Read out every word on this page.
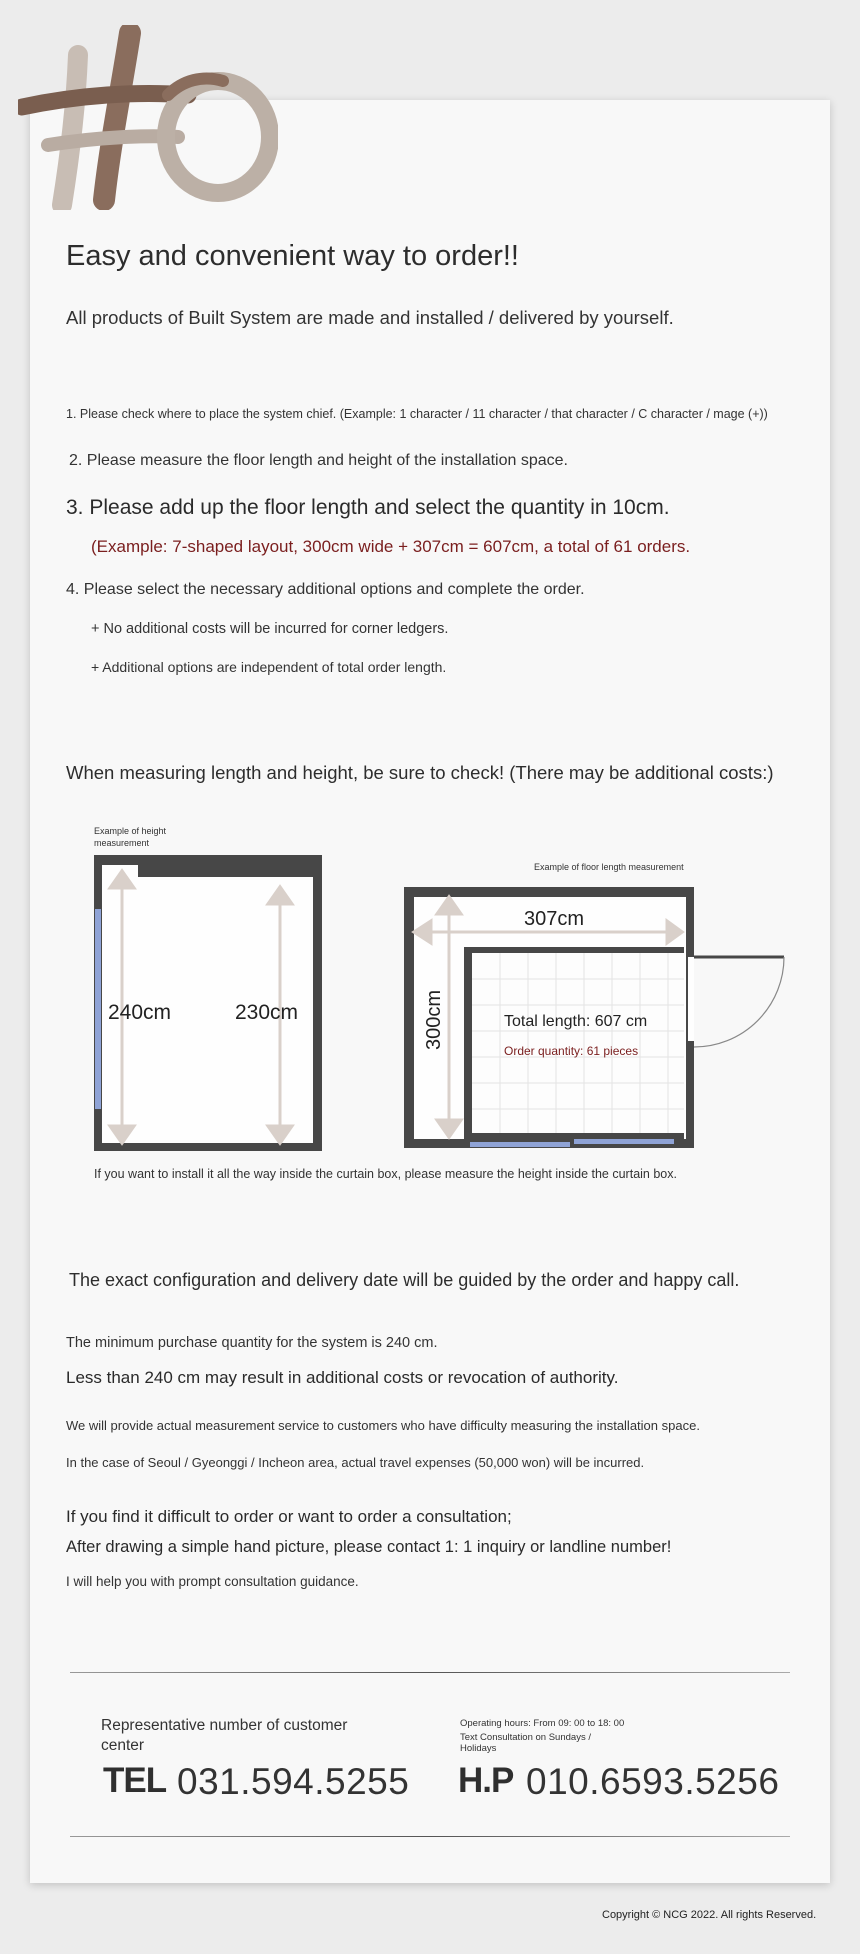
Easy and convenient way to order!!
All products of Built System are made and installed / delivered by yourself.
1. Please check where to place the system chief. (Example: 1 character / 11 character / that character / C character / mage (+))
2. Please measure the floor length and height of the installation space.
3. Please add up the floor length and select the quantity in 10cm.
(Example: 7-shaped layout, 300cm wide + 307cm = 607cm, a total of 61 orders.
4. Please select the necessary additional options and complete the order.
+ No additional costs will be incurred for corner ledgers.
+ Additional options are independent of total order length.
When measuring length and height, be sure to check! (There may be additional costs:)
Example of height measurement
240cm	230cm
Example of floor length measurement
307cm
300cm	Total length: 607 cm
Order quantity: 61 pieces
If you want to install it all the way inside the curtain box, please measure the height inside the curtain box.
The exact configuration and delivery date will be guided by the order and happy call.
The minimum purchase quantity for the system is 240 cm.
Less than 240 cm may result in additional costs or revocation of authority.
We will provide actual measurement service to customers who have difficulty measuring the installation space.
In the case of Seoul / Gyeonggi / Incheon area, actual travel expenses (50,000 won) will be incurred.
If you find it difficult to order or want to order a consultation;
After drawing a simple hand picture, please contact 1: 1 inquiry or landline number!
I will help you with prompt consultation guidance.
Representative number of customer center
Operating hours: From 09: 00 to 18: 00
Text Consultation on Sundays / Holidays
TEL 031.594.5255 H.P 010.6593.5256
Copyright © NCG 2022. All rights Reserved.
